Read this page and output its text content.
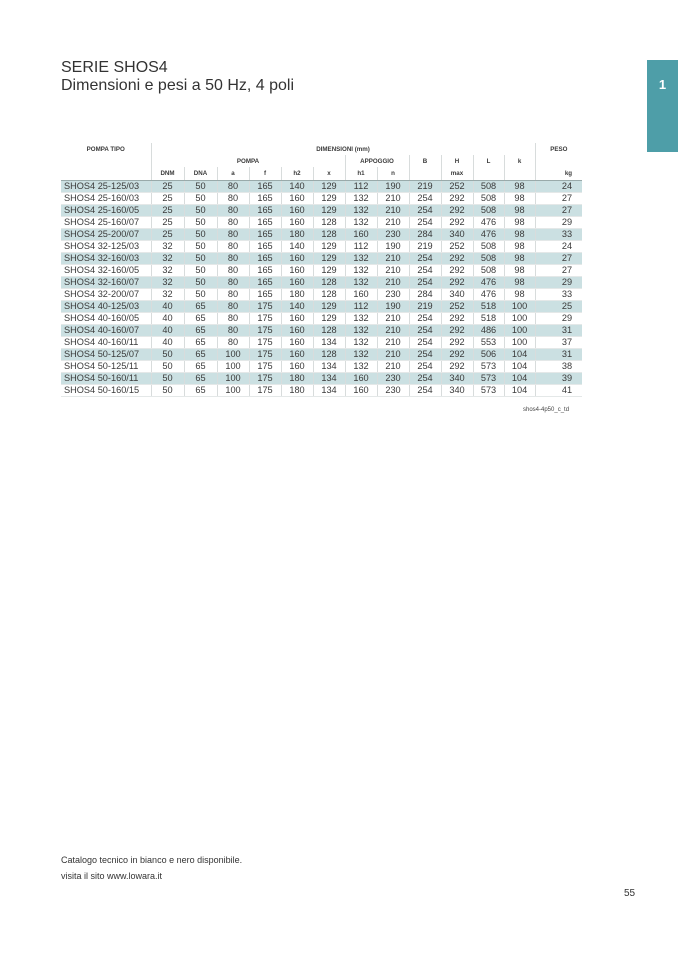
SERIE SHOS4
Dimensioni e pesi a 50 Hz, 4 poli	1
POMPA TIPO	DIMENSIONI (mm)												PESO
	POMPA						APPOGGIO		B	H	L	k	
	DNM	DNA	a	f	h2	x	h1	n		max			kg
SHOS4 25-125/03	25	50	80	165	140	129	112	190	219	252	508	98	24
SHOS4 25-160/03	25	50	80	165	160	129	132	210	254	292	508	98	27
SHOS4 25-160/05	25	50	80	165	160	129	132	210	254	292	508	98	27
SHOS4 25-160/07	25	50	80	165	160	128	132	210	254	292	476	98	29
SHOS4 25-200/07	25	50	80	165	180	128	160	230	284	340	476	98	33
SHOS4 32-125/03	32	50	80	165	140	129	112	190	219	252	508	98	24
SHOS4 32-160/03	32	50	80	165	160	129	132	210	254	292	508	98	27
SHOS4 32-160/05	32	50	80	165	160	129	132	210	254	292	508	98	27
SHOS4 32-160/07	32	50	80	165	160	128	132	210	254	292	476	98	29
SHOS4 32-200/07	32	50	80	165	180	128	160	230	284	340	476	98	33
SHOS4 40-125/03	40	65	80	175	140	129	112	190	219	252	518	100	25
SHOS4 40-160/05	40	65	80	175	160	129	132	210	254	292	518	100	29
SHOS4 40-160/07	40	65	80	175	160	128	132	210	254	292	486	100	31
SHOS4 40-160/11	40	65	80	175	160	134	132	210	254	292	553	100	37
SHOS4 50-125/07	50	65	100	175	160	128	132	210	254	292	506	104	31
SHOS4 50-125/11	50	65	100	175	160	134	132	210	254	292	573	104	38
SHOS4 50-160/11	50	65	100	175	180	134	160	230	254	340	573	104	39
SHOS4 50-160/15	50	65	100	175	180	134	160	230	254	340	573	104	41
shos4-4p50_c_td
Catalogo tecnico in bianco e nero disponibile.
visita il sito www.lowara.it
55
